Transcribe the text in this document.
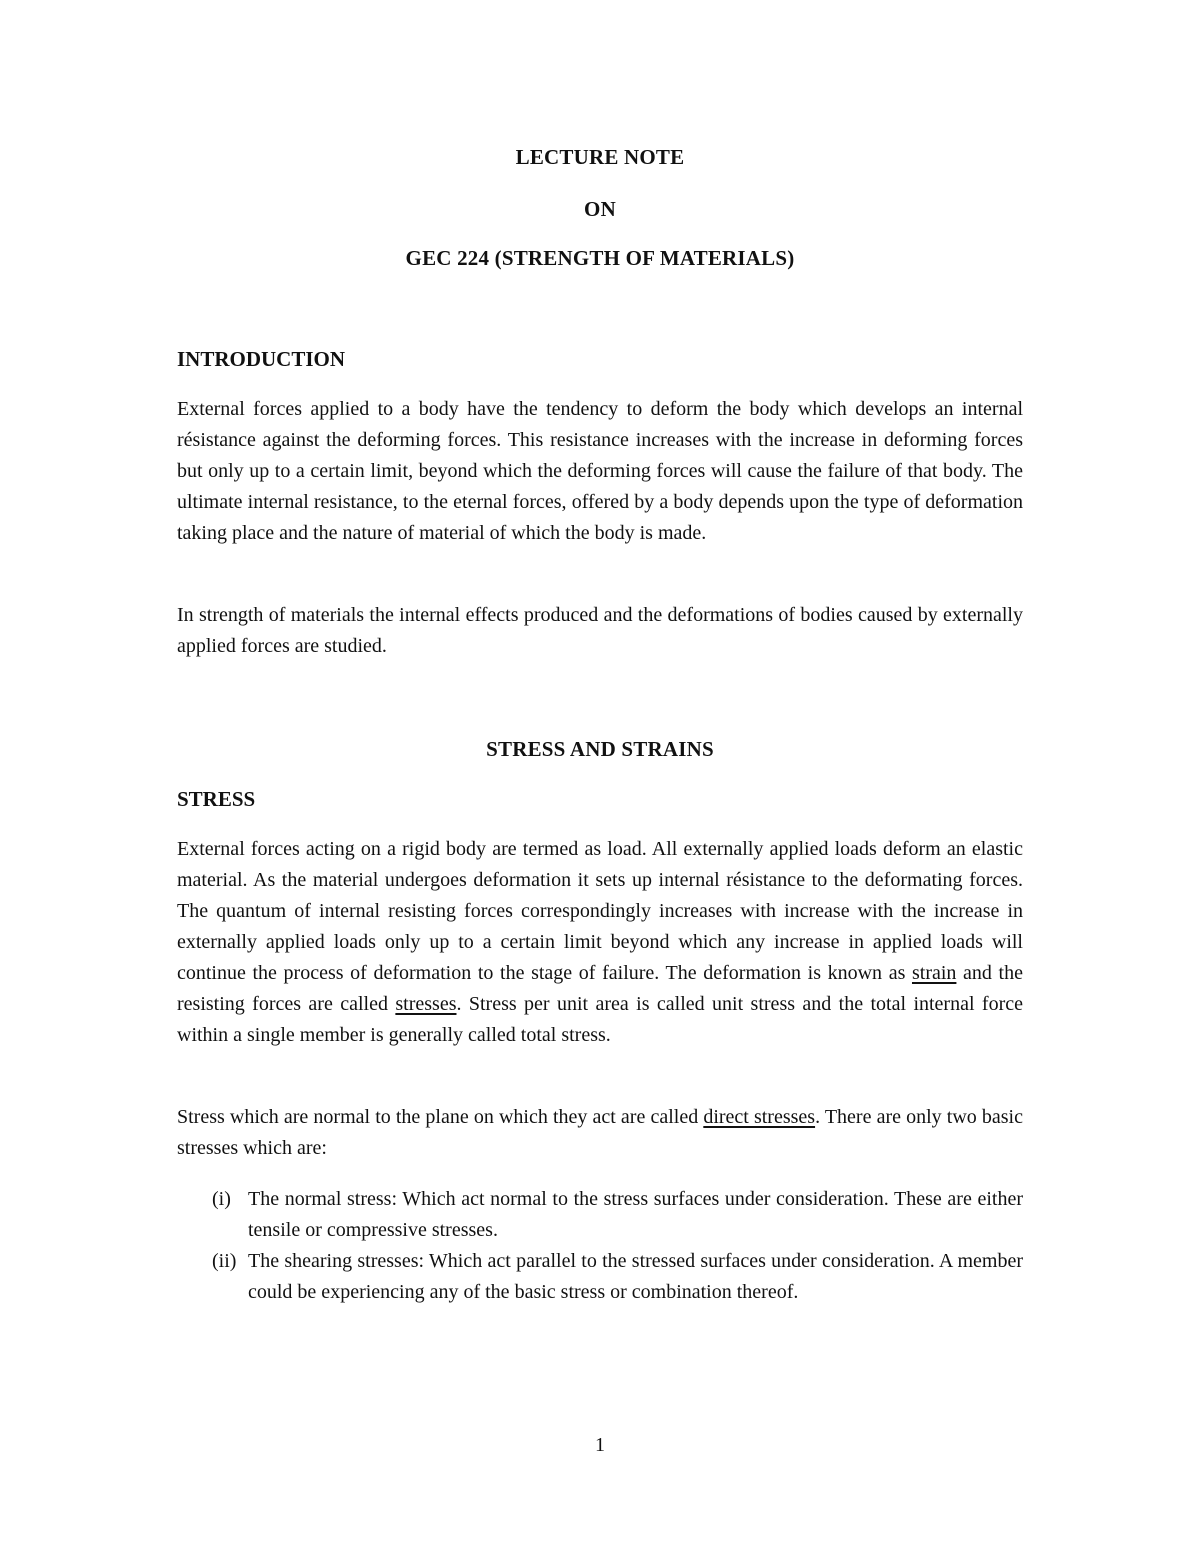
LECTURE NOTE
ON
GEC 224 (STRENGTH OF MATERIALS)
INTRODUCTION

External forces applied to a body have the tendency to deform the body which develops an internal résistance against the deforming forces. This resistance increases with the increase in deforming forces but only up to a certain limit, beyond which the deforming forces will cause the failure of that body. The ultimate internal resistance, to the eternal forces, offered by a body depends upon the type of deformation taking place and the nature of material of which the body is made.

In strength of materials the internal effects produced and the deformations of bodies caused by externally applied forces are studied.

STRESS AND STRAINS
STRESS

External forces acting on a rigid body are termed as load. All externally applied loads deform an elastic material. As the material undergoes deformation it sets up internal résistance to the deformating forces. The quantum of internal resisting forces correspondingly increases with increase with the increase in externally applied loads only up to a certain limit beyond which any increase in applied loads will continue the process of deformation to the stage of failure. The deformation is known as strain and the resisting forces are called stresses. Stress per unit area is called unit stress and the total internal force within a single member is generally called total stress.

Stress which are normal to the plane on which they act are called direct stresses. There are only two basic stresses which are:

(i) The normal stress: Which act normal to the stress surfaces under consideration. These are either tensile or compressive stresses.
(ii) The shearing stresses: Which act parallel to the stressed surfaces under consideration. A member could be experiencing any of the basic stress or combination thereof.
1
